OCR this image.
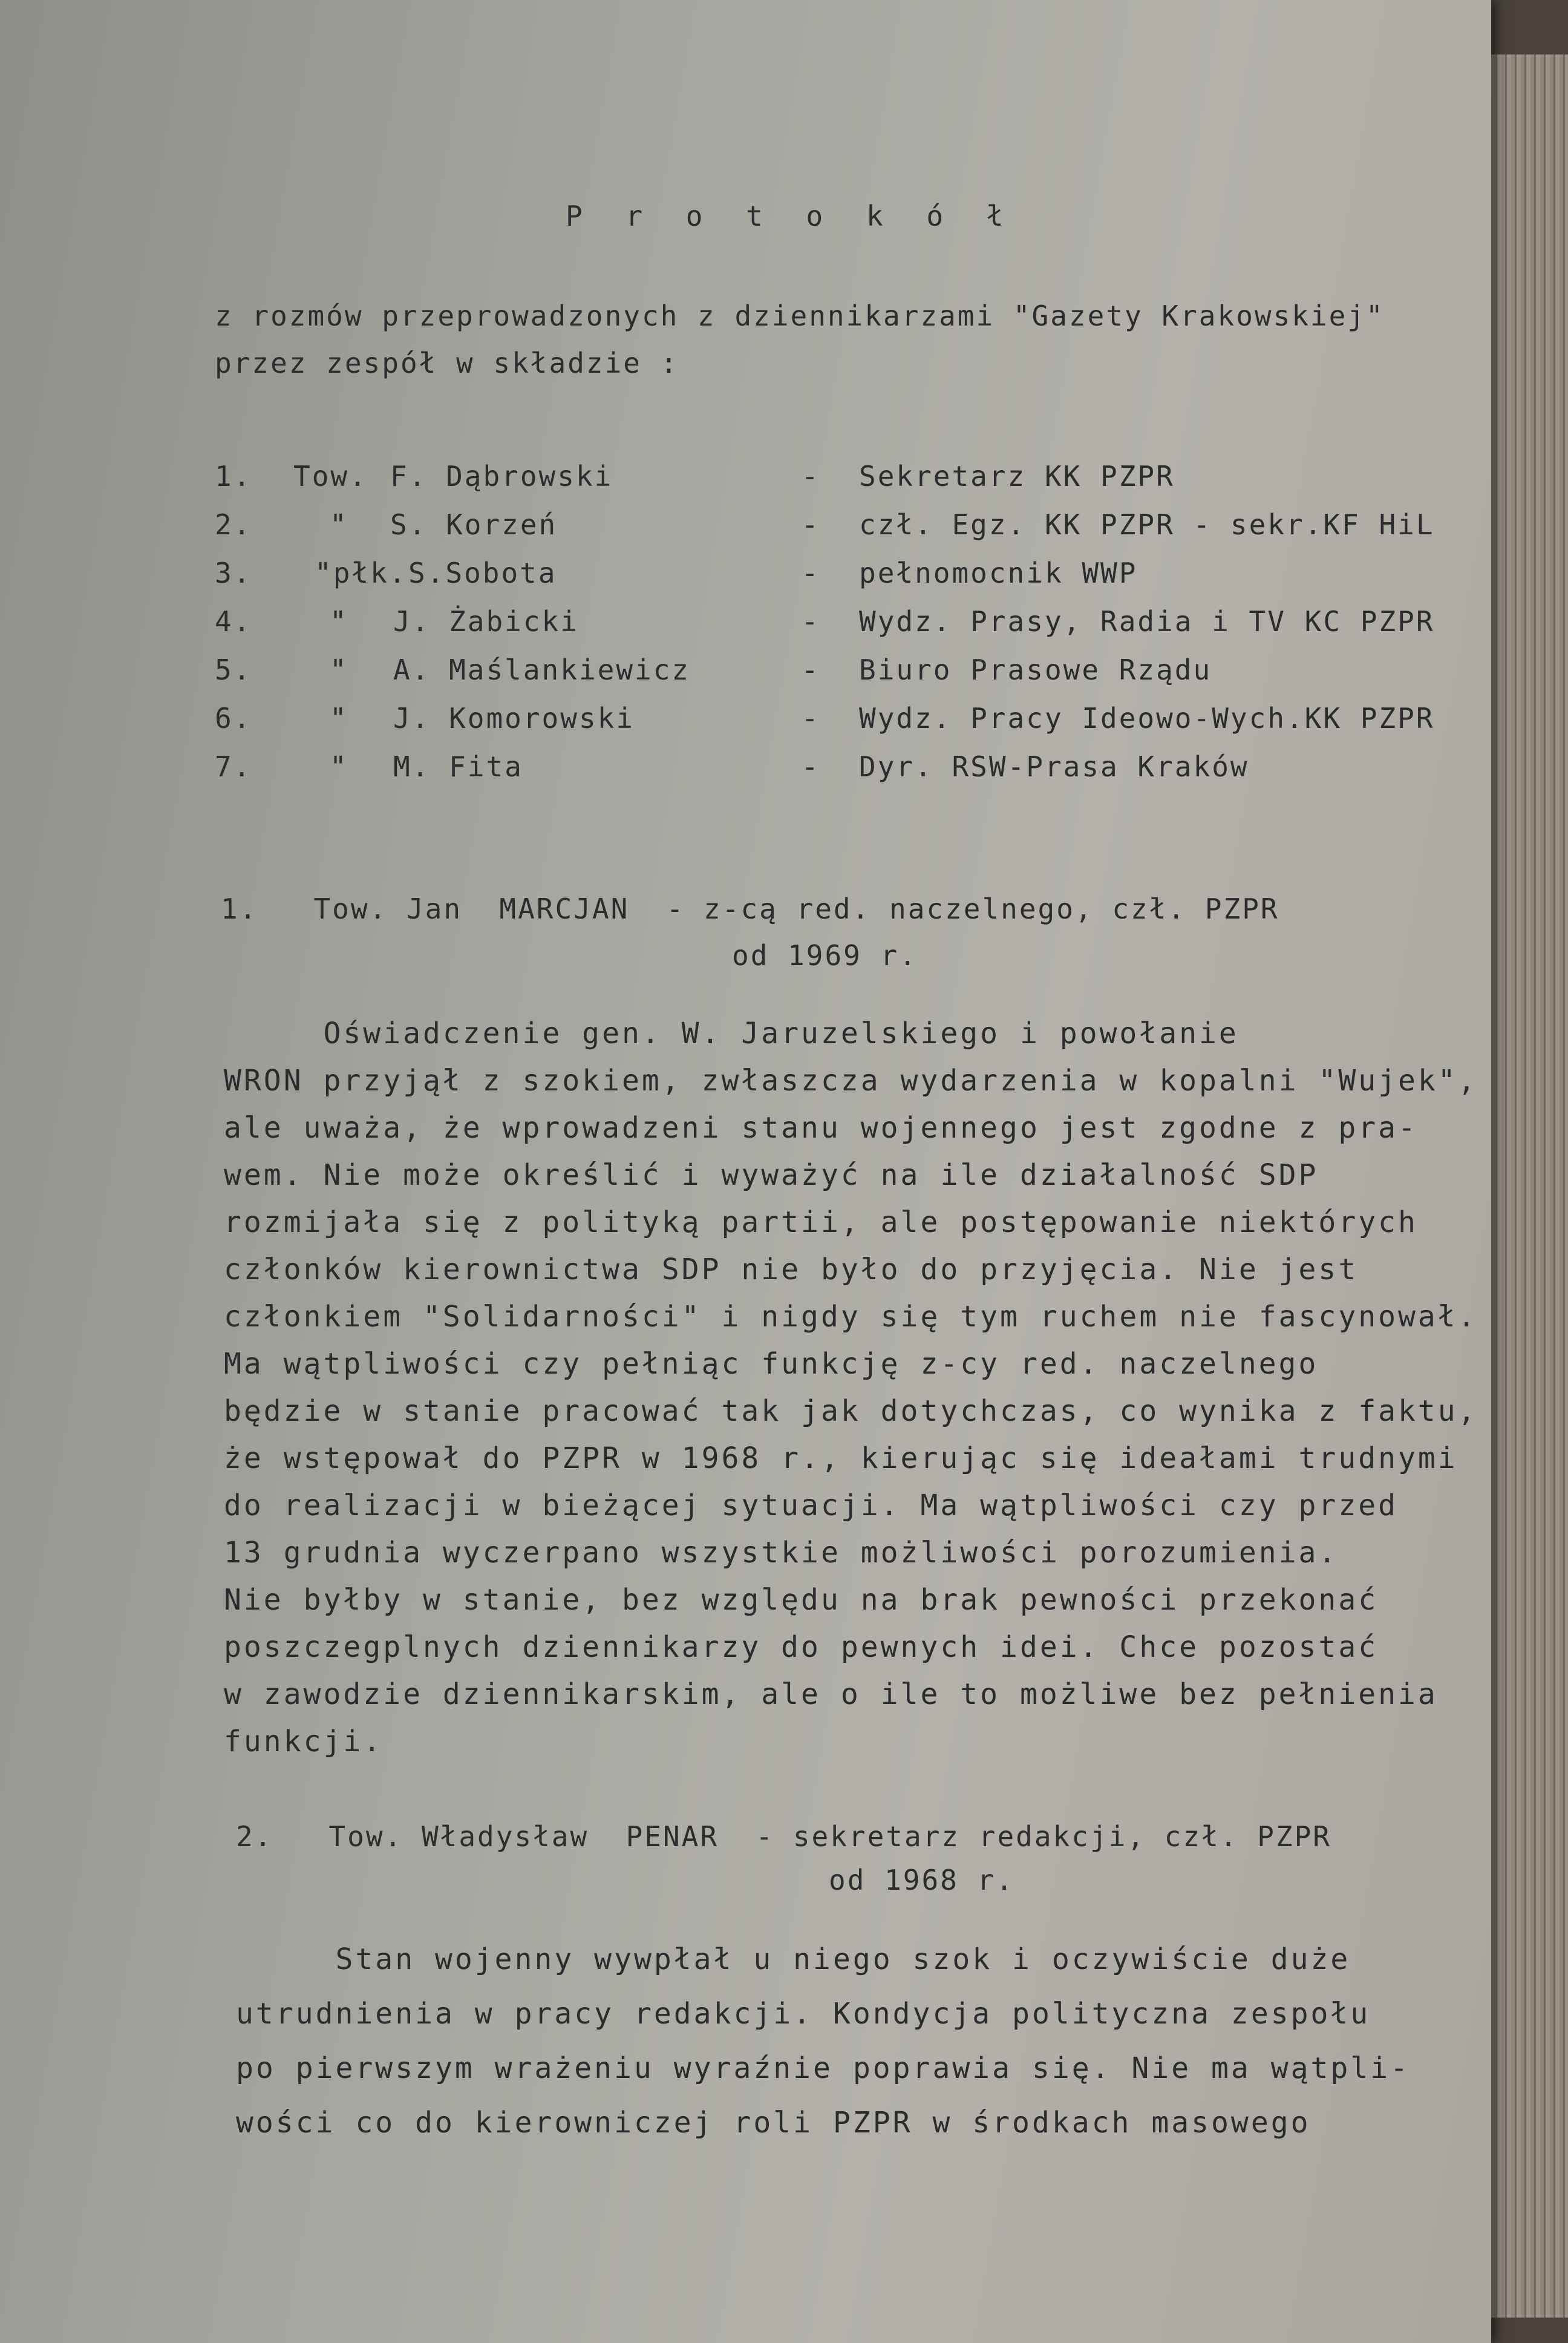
P r o t o k ó ł
z rozmów przeprowadzonych z dziennikarzami "Gazety Krakowskiej"
przez zespół w składzie :
1. Tow. F. Dąbrowski	- Sekretarz KK PZPR
2.	" S. Korzeń	- czł. Egz. KK PZPR - sekr.KF HiL
3. "płk. S.Sobota	- pełnomocnik WWP
4.	" J. Żabicki	- Wydz. Prasy, Radia i TV KC PZPR
5.	" A. Maślankiewicz	- Biuro Prasowe Rządu
6.	" J. Komorowski	- Wydz. Pracy Ideowo-Wych.KK PZPR
7.	" M. Fita	- Dyr. RSW-Prasa Kraków
1.   Tow. Jan  MARCJAN  - z-cą red. naczelnego, czł. PZPR
od 1969 r.
Oświadczenie gen. W. Jaruzelskiego i powołanie
WRON przyjął z szokiem, zwłaszcza wydarzenia w kopalni "Wujek",
ale uważa, że wprowadzeni stanu wojennego jest zgodne z pra-
wem. Nie może określić i wyważyć na ile działalność SDP
rozmijała się z polityką partii, ale postępowanie niektórych
członków kierownictwa SDP nie było do przyjęcia. Nie jest
członkiem "Solidarności" i nigdy się tym ruchem nie fascynował.
Ma wątpliwości czy pełniąc funkcję z-cy red. naczelnego
będzie w stanie pracować tak jak dotychczas, co wynika z faktu,
że wstępował do PZPR w 1968 r., kierując się ideałami trudnymi
do realizacji w bieżącej sytuacji. Ma wątpliwości czy przed
13 grudnia wyczerpano wszystkie możliwości porozumienia.
Nie byłby w stanie, bez względu na brak pewności przekonać
poszczegplnych dziennikarzy do pewnych idei. Chce pozostać
w zawodzie dziennikarskim, ale o ile to możliwe bez pełnienia
funkcji.
2.   Tow. Władysław  PENAR  - sekretarz redakcji, czł. PZPR
od 1968 r.
Stan wojenny wywpłał u niego szok i oczywiście duże
utrudnienia w pracy redakcji. Kondycja polityczna zespołu
po pierwszym wrażeniu wyraźnie poprawia się. Nie ma wątpli-
wości co do kierowniczej roli PZPR w środkach masowego
